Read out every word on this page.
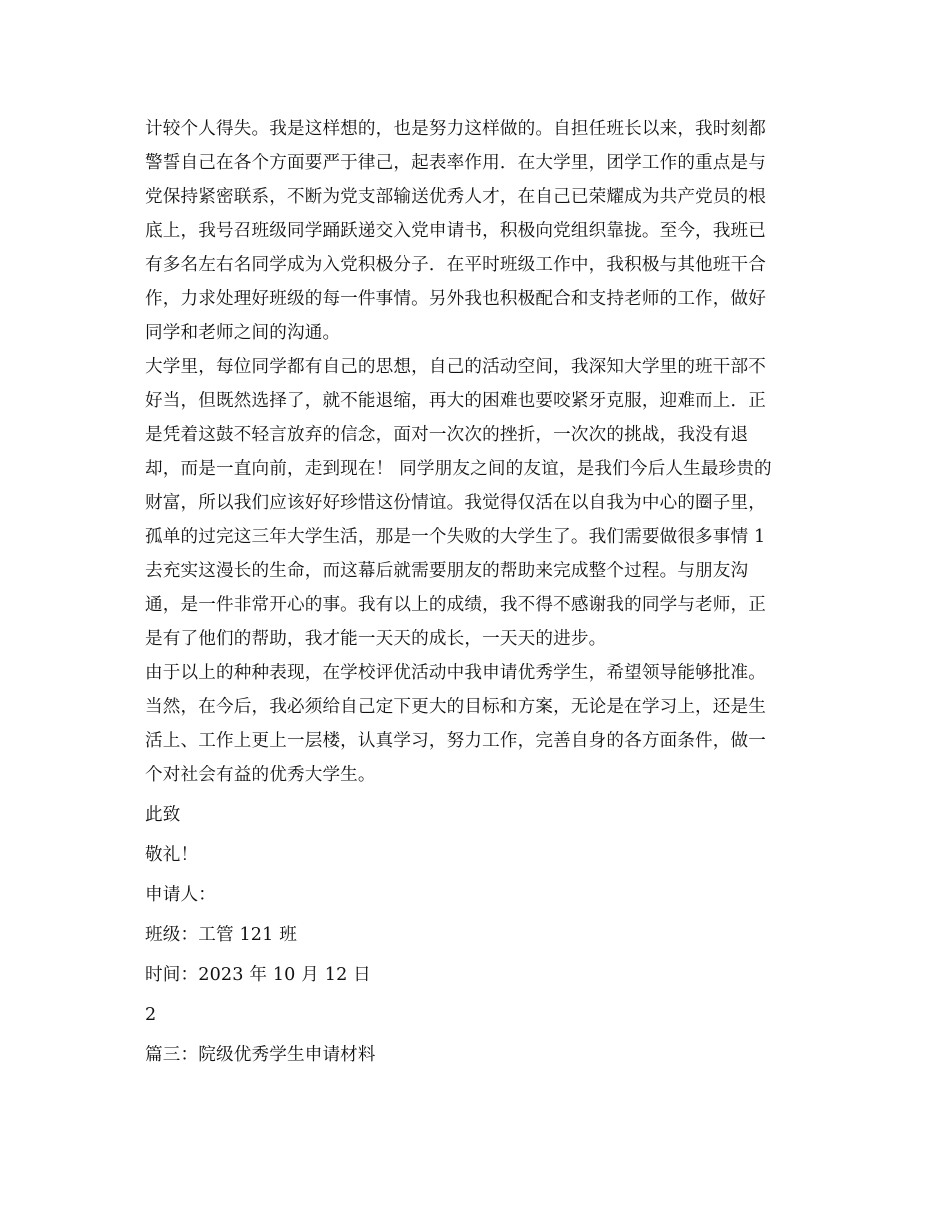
计较个人得失。我是这样想的，也是努力这样做的。自担任班长以来，我时刻都
警誓自己在各个方面要严于律己，起表率作用．在大学里，团学工作的重点是与
党保持紧密联系，不断为党支部输送优秀人才，在自己已荣耀成为共产党员的根
底上，我号召班级同学踊跃递交入党申请书，积极向党组织靠拢。至今，我班已
有多名左右名同学成为入党积极分子．在平时班级工作中，我积极与其他班干合
作，力求处理好班级的每一件事情。另外我也积极配合和支持老师的工作，做好
同学和老师之间的沟通。
大学里，每位同学都有自己的思想，自己的活动空间，我深知大学里的班干部不
好当，但既然选择了，就不能退缩，再大的困难也要咬紧牙克服，迎难而上．正
是凭着这鼓不轻言放弃的信念，面对一次次的挫折，一次次的挑战，我没有退
却，而是一直向前，走到现在！ 同学朋友之间的友谊，是我们今后人生最珍贵的
财富，所以我们应该好好珍惜这份情谊。我觉得仅活在以自我为中心的圈子里，
孤单的过完这三年大学生活，那是一个失败的大学生了。我们需要做很多事情 1
去充实这漫长的生命，而这幕后就需要朋友的帮助来完成整个过程。与朋友沟
通，是一件非常开心的事。我有以上的成绩，我不得不感谢我的同学与老师，正
是有了他们的帮助，我才能一天天的成长，一天天的进步。
由于以上的种种表现，在学校评优活动中我申请优秀学生，希望领导能够批准。
当然，在今后，我必须给自己定下更大的目标和方案，无论是在学习上，还是生
活上、工作上更上一层楼，认真学习，努力工作，完善自身的各方面条件，做一
个对社会有益的优秀大学生。
此致
敬礼！
申请人：
班级：工管 121 班
时间：2023 年 10 月 12 日
2
篇三：院级优秀学生申请材料
